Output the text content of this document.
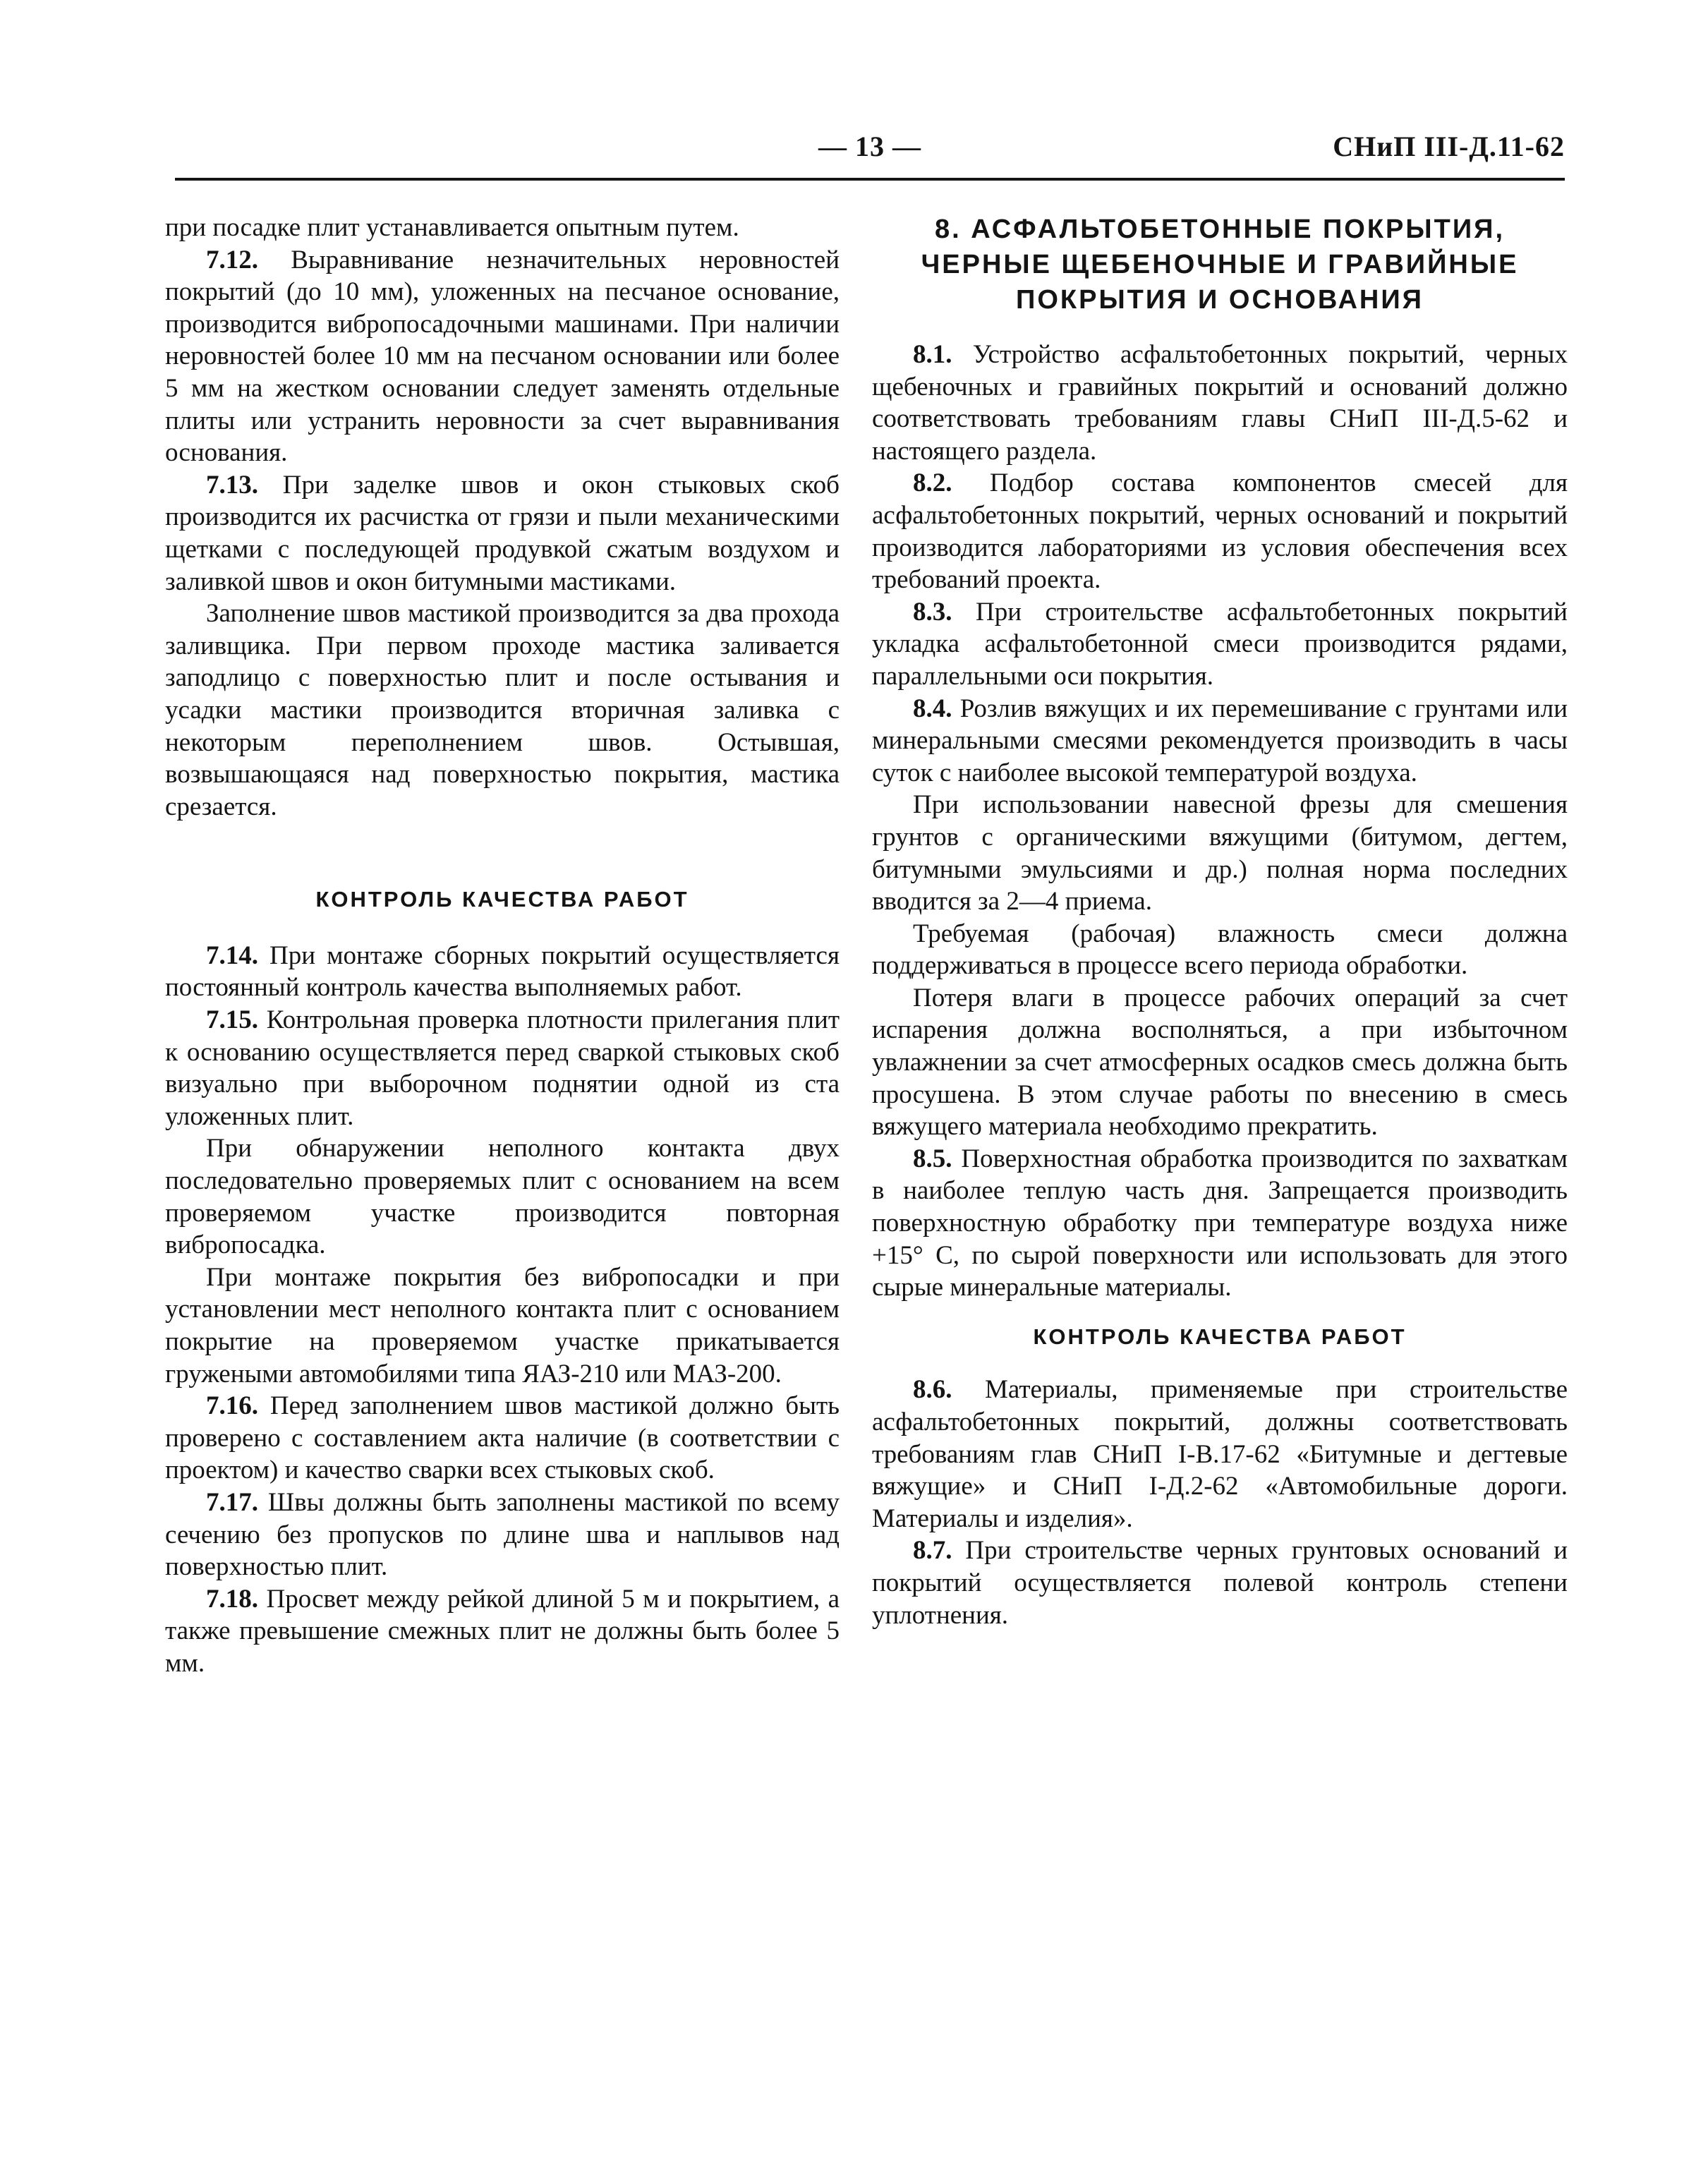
— 13 —	СНиП III-Д.11-62

при посадке плит устанавливается опытным путем.

7.12. Выравнивание незначительных неровностей покрытий (до 10 мм), уложенных на песчаное основание, производится вибропосадочными машинами. При наличии неровностей более 10 мм на песчаном основании или более 5 мм на жестком основании следует заменять отдельные плиты или устранить неровности за счет выравнивания основания.

7.13. При заделке швов и окон стыковых скоб производится их расчистка от грязи и пыли механическими щетками с последующей продувкой сжатым воздухом и заливкой швов и окон битумными мастиками.

Заполнение швов мастикой производится за два прохода заливщика. При первом проходе мастика заливается заподлицо с поверхностью плит и после остывания и усадки мастики производится вторичная заливка с некоторым переполнением швов. Остывшая, возвышающаяся над поверхностью покрытия, мастика срезается.

КОНТРОЛЬ КАЧЕСТВА РАБОТ

7.14. При монтаже сборных покрытий осуществляется постоянный контроль качества выполняемых работ.

7.15. Контрольная проверка плотности прилегания плит к основанию осуществляется перед сваркой стыковых скоб визуально при выборочном поднятии одной из ста уложенных плит.

При обнаружении неполного контакта двух последовательно проверяемых плит с основанием на всем проверяемом участке производится повторная вибропосадка.

При монтаже покрытия без вибропосадки и при установлении мест неполного контакта плит с основанием покрытие на проверяемом участке прикатывается гружеными автомобилями типа ЯАЗ-210 или МАЗ-200.

7.16. Перед заполнением швов мастикой должно быть проверено с составлением акта наличие (в соответствии с проектом) и качество сварки всех стыковых скоб.

7.17. Швы должны быть заполнены мастикой по всему сечению без пропусков по длине шва и наплывов над поверхностью плит.

7.18. Просвет между рейкой длиной 5 м и покрытием, а также превышение смежных плит не должны быть более 5 мм.

8. АСФАЛЬТОБЕТОННЫЕ ПОКРЫТИЯ, ЧЕРНЫЕ ЩЕБЕНОЧНЫЕ И ГРАВИЙНЫЕ ПОКРЫТИЯ И ОСНОВАНИЯ

8.1. Устройство асфальтобетонных покрытий, черных щебеночных и гравийных покрытий и оснований должно соответствовать требованиям главы СНиП III-Д.5-62 и настоящего раздела.

8.2. Подбор состава компонентов смесей для асфальтобетонных покрытий, черных оснований и покрытий производится лабораториями из условия обеспечения всех требований проекта.

8.3. При строительстве асфальтобетонных покрытий укладка асфальтобетонной смеси производится рядами, параллельными оси покрытия.

8.4. Розлив вяжущих и их перемешивание с грунтами или минеральными смесями рекомендуется производить в часы суток с наиболее высокой температурой воздуха.

При использовании навесной фрезы для смешения грунтов с органическими вяжущими (битумом, дегтем, битумными эмульсиями и др.) полная норма последних вводится за 2—4 приема.

Требуемая (рабочая) влажность смеси должна поддерживаться в процессе всего периода обработки.

Потеря влаги в процессе рабочих операций за счет испарения должна восполняться, а при избыточном увлажнении за счет атмосферных осадков смесь должна быть просушена. В этом случае работы по внесению в смесь вяжущего материала необходимо прекратить.

8.5. Поверхностная обработка производится по захваткам в наиболее теплую часть дня. Запрещается производить поверхностную обработку при температуре воздуха ниже +15° С, по сырой поверхности или использовать для этого сырые минеральные материалы.

КОНТРОЛЬ КАЧЕСТВА РАБОТ

8.6. Материалы, применяемые при строительстве асфальтобетонных покрытий, должны соответствовать требованиям глав СНиП I-В.17-62 «Битумные и дегтевые вяжущие» и СНиП I-Д.2-62 «Автомобильные дороги. Материалы и изделия».

8.7. При строительстве черных грунтовых оснований и покрытий осуществляется полевой контроль степени уплотнения.
